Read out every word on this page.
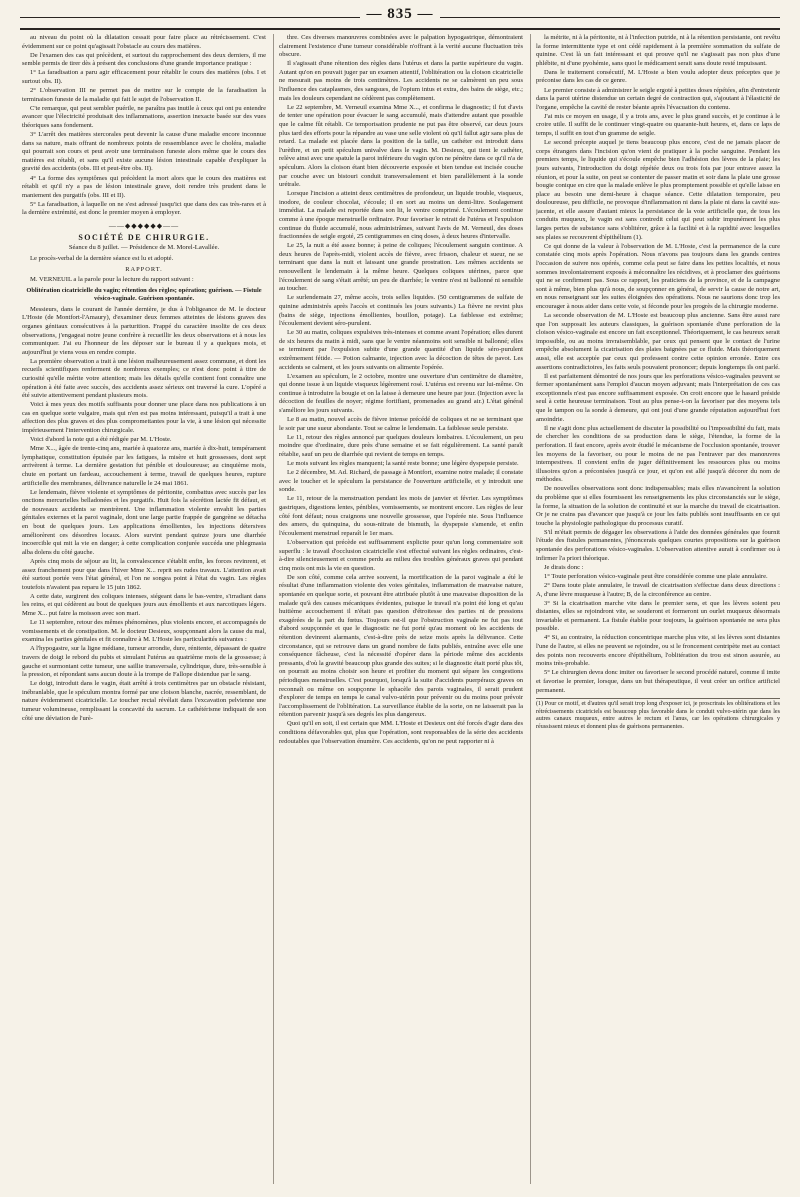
— 835 —

au niveau du point où la dilatation cessait pour faire place au rétrécissement. C'est évidemment sur ce point qu'agissait l'obstacle au cours des matières.

De l'examen des cas qui précèdent, et surtout du rapprochement des deux derniers, il me semble permis de tirer dès à présent des conclusions d'une grande importance pratique :

1° La faradisation a paru agir efficacement pour rétablir le cours des matières (obs. I et surtout obs. II).

2° L'observation III ne permet pas de mettre sur le compte de la faradisation la terminaison funeste de la maladie qui fait le sujet de l'observation II.

C'te remarque, qui peut sembler puérile, ne paraîtra pas inutile à ceux qui ont pu entendre avancer que l'électricité produisait des inflammations, assertion inexacte basée sur des vues théoriques sans fondement.

3° L'arrêt des matières stercorales peut devenir la cause d'une maladie encore inconnue dans sa nature, mais offrant de nombreux points de ressemblance avec le choléra, maladie qui pourrait son cours et peut avoir une terminaison funeste alors même que le cours des matières est rétabli, et sans qu'il existe aucune lésion intestinale capable d'expliquer la gravité des accidents (obs. III et peut-être obs. II).

4° La forme des symptômes qui précèdent la mort alors que le cours des matières est rétabli et qu'il n'y a pas de lésion intestinale grave, doit rendre très prudent dans le maniement des purgatifs (obs. III et II).

5° La faradisation, à laquelle on ne s'est adressé jusqu'ici que dans des cas très-rares et à la dernière extrémité, est donc le premier moyen à employer.

——◆◆◆◆◆◆——
SOCIÉTÉ DE CHIRURGIE.
Séance du 8 juillet. — Présidence de M. Morel-Lavallée.

Le procès-verbal de la dernière séance est lu et adopté.

RAPPORT.
M. VERNEUIL a la parole pour la lecture du rapport suivant :
Oblitération cicatricielle du vagin; rétention des règles; opération; guérison. — Fistule vésico-vaginale. Guérison spontanée.

Messieurs, dans le courant de l'année dernière, je dus à l'obligeance de M. le docteur L'Hoste (de Montfort-l'Amaury), d'examiner deux femmes atteintes de lésions graves des organes génitaux consécutives à la parturition. Frappé du caractère insolite de ces deux observations, j'engageai notre jeune confrère à recueillir les deux observations et à nous les communiquer. J'ai eu l'honneur de les déposer sur le bureau il y a quelques mois, et aujourd'hui je viens vous en rendre compte.

La première observation a trait à une lésion malheureusement assez commune, et dont les recueils scientifiques renferment de nombreux exemples; ce n'est donc point à titre de curiosité qu'elle mérite votre attention; mais les détails qu'elle contient font connaître une opération à été faite avec succès, des accidents assez sérieux ont traversé la cure. L'opéré a été suivie attentivement pendant plusieurs mois.

Voici à mes yeux des motifs suffisants pour donner une place dans nos publications à un cas en quelque sorte vulgaire, mais qui n'en est pas moins intéressant, puisqu'il a trait à une affection des plus graves et des plus compromettantes pour la vie, à une lésion qui nécessite impérieusement l'intervention chirurgicale.

Voici d'abord la note qui a été rédigée par M. L'Hoste.

Mme X..., âgée de trente-cinq ans, mariée à quatorze ans, mariée à dix-huit, tempérament lymphatique, constitution épuisée par les fatigues, la misère et huit grossesses, dont sept arrivèrent à terme. La dernière gestation fut pénible et douloureuse; au cinquième mois, chute en portant un fardeau, accouchement à terme, travail de quelques heures, rupture artificielle des membranes, délivrance naturelle le 24 mai 1861.

Le lendemain, fièvre violente et symptômes de péritonite, combattus avec succès par les onctions mercurielles belladonées et les purgatifs. Huit fois la sécrétion lactée fit défaut, et de nouveaux accidents se montrèrent. Une inflammation violente envahit les parties génitales externes et la paroi vaginale, dont une large partie frappée de gangrène se détacha en bout de quelques jours. Les applications émollientes, les injections détersives améliorèrent ces désordres locaux. Alors survint pendant quinze jours une diarrhée incoercible qui mit la vie en danger; à cette complication conjurée succéda une phlegmasia alba dolens du côté gauche.

Après cinq mois de séjour au lit, la convalescence s'établit enfin, les forces revinrent, et assez franchement pour que dans l'hiver Mme X... reprit ses rudes travaux. L'attention avait été surtout portée vers l'état général, et l'on ne songea point à l'état du vagin. Les règles toutefois n'avaient pas reparu le 15 juin 1862.

A cette date, surgirent des coliques intenses, siégeant dans le bas-ventre, s'irradiant dans les reins, et qui cédèrent au bout de quelques jours aux émollients et aux narcotiques légers. Mme X... put faire la moisson avec son mari.

Le 11 septembre, retour des mêmes phénomènes, plus violents encore, et accompagnés de vomissements et de constipation. M. le docteur Desieux, soupçonnant alors la cause du mal, examina les parties génitales et fit connaître à M. L'Hoste les particularités suivantes :

A l'hypogastre, sur la ligne médiane, tumeur arrondie, dure, rénitente, dépassant de quatre travers de doigt le rebord du pubis et simulant l'utérus au quatrième mois de la grossesse; à gauche et surmontant cette tumeur, une saillie transversale, cylindrique, dure, très-sensible à la pression, et répondant sans aucun doute à la trompe de Fallope distendue par le sang.

Le doigt, introduit dans le vagin, était arrêté à trois centimètres par un obstacle résistant, inébranlable, que le spéculum montra formé par une cloison blanche, nacrée, ressemblant, de nature évidemment cicatricielle. Le toucher rectal révélait dans l'excavation pelvienne une tumeur volumineuse, remplissant la concavité du sacrum. Le cathétérisme indiquait de son côté une déviation de l'urè-

thre. Ces diverses manœuvres combinées avec le palpation hypogastrique, démontraient clairement l'existence d'une tumeur considérable n'offrant à la verité aucune fluctuation très obscure.

Il s'agissait d'une rétention des règles dans l'utérus et dans la partie supérieure du vagin. Autant qu'on en pouvait juger par un examen attentif, l'oblitération ou la cloison cicatricielle ne mesurait pas moins de trois centimètres. Les accidents ne se calmèrent un peu sous l'influence des cataplasmes, des sangsues, de l'opium intus et extra, des bains de siège, etc.; mais les douleurs cependant ne cédèrent pas complètement.

Le 22 septembre, M. Verneuil examina Mme X..., et confirma le diagnostic; il fut d'avis de tenter une opération pour évacuer le sang accumulé, mais d'attendre autant que possible que le calme fût rétabli. Ce temporisation prudente ne put pas être observé, car deux jours plus tard des efforts pour la répandre au vase une selle violent où qu'il fallut agir sans plus de retard. La malade est placée dans la position de la taille, un cathéter est introduit dans l'urèthre, et un petit spéculum univalve dans le vagin. M. Desieux, qui tient le cathéter, relève ainsi avec une spatule la paroi inférieure du vagin qu'on ne pénètre dans ce qu'il n'a de spéculum. Alors la cloison étant bien découverte exposée et bien tendue est incisée couche par couche avec un bistouri conduit transversalement et bien parallèlement à la sonde urétrale.

Lorsque l'incision a atteint deux centimètres de profondeur, un liquide trouble, visqueux, inodore, de couleur chocolat, s'écoule; il en sort au moins un demi-litre. Soulagement immédiat. La malade est reportée dans son lit, le ventre comprimé. L'écoulement continue comme à une époque menstruelle ordinaire. Pour favoriser le retrait de l'utérus et l'expulsion continue du fluide accumulé, nous administrâmes, suivant l'avis de M. Verneuil, des doses fractionnées de seigle ergoté, 25 centigrammes en cinq doses, à deux heures d'intervalle.

Le 25, la nuit a été assez bonne; à peine de coliques; l'écoulement sanguin continue. A deux heures de l'après-midi, violent accès de fièvre, avec frisson, chaleur et sueur, ne se terminant que dans la nuit et laissant une grande prostration. Les mêmes accidents se renouvellent le lendemain à la même heure. Quelques coliques utérines, parce que l'écoulement de sang s'était arrêté; un peu de diarrhée; le ventre n'est ni ballonné ni sensible au toucher.

Le surlendemain 27, même accès, trois selles liquides. (50 centigrammes de sulfate de quinine administrés après l'accès et continués les jours suivants.) La fièvre ne revint plus (bains de siège, injections émollientes, bouillon, potage). La faiblesse est extrême; l'écoulement devient séro-purulent.

Le 30 au matin, coliques expulsives très-intenses et comme avant l'opération; elles durent de six heures du matin à midi, sans que le ventre néanmoins soit sensible ni ballonné; elles se terminent par l'expulsion subite d'une grande quantité d'un liquide séro-purulent extrêmement fétide. — Potion calmante, injection avec la décoction de têtes de pavot. Les accidents se calment, et les jours suivants on alimente l'opérée.

L'examen au spéculum, le 2 octobre, montre une ouverture d'un centimètre de diamètre, qui donne issue à un liquide visqueux légèrement rosé. L'utérus est revenu sur lui-même. On continue à introduire la bougie et on la laisse à demeure une heure par jour. (Injection avec la décoction de feuilles de noyer; régime fortifiant, promenades au grand air.) L'état général s'améliore les jours suivants.

Le 8 au matin, nouvel accès de fièvre intense précédé de coliques et ne se terminant que le soir par une sueur abondante. Tout se calme le lendemain. La faiblesse seule persiste.

Le 11, retour des règles annoncé par quelques douleurs lombaires. L'écoulement, un peu moindre que d'ordinaire, dure près d'une semaine et se fait régulièrement. La santé paraît rétablie, sauf un peu de diarrhée qui revient de temps en temps.

Le mois suivant les règles manquent; la santé reste bonne; une légère dyspepsie persiste.

Le 2 décembre, M. Ad. Richard, de passage à Montfort, examine notre malade; il constate avec le toucher et le spéculum la persistance de l'ouverture artificielle, et y introduit une sonde.

Le 11, retour de la menstruation pendant les mois de janvier et février. Les symptômes gastriques, digestions lentes, pénibles, vomissements, se montrent encore. Les règles de leur côté font défaut; nous craignons une nouvelle grossesse, que l'opérée nie. Sous l'influence des amers, du quinquina, du sous-nitrate de bismuth, la dyspepsie s'amende, et enfin l'écoulement menstruel reparaît le 1er mars.

L'observation qui précède est suffisamment explicite pour qu'un long commentaire soit superflu : le travail d'occlusion cicatricielle s'est effectué suivant les règles ordinaires, c'est-à-dire silencieusement et comme perdu au milieu des troubles généraux graves qui pendant cinq mois ont mis la vie en question.

De son côté, comme cela arrive souvent, la mortification de la paroi vaginale a été le résultat d'une inflammation violente des voies génitales, inflammation de mauvaise nature, spontanée en quelque sorte, et pouvant être attribuée plutôt à une mauvaise disposition de la malade qu'à des causes mécaniques évidentes, puisque le travail n'a point été long et qu'au huitième accouchement il n'était pas question d'étroitesse des parties ni de pressions exagérées de la part du fœtus. Toujours est-il que l'obstruction vaginale ne fut pas tout d'abord soupçonnée et que le diagnostic ne fut porté qu'au moment où les accidents de rétention devinrent alarmants, c'est-à-dire près de seize mois après la délivrance. Cette circonstance, qui se retrouve dans un grand nombre de faits publiés, entraîne avec elle une conséquence fâcheuse, c'est la nécessité d'opérer dans la période même des accidents pressants, d'où la gravité beaucoup plus grande des suites; si le diagnostic était porté plus tôt, on pourrait au moins choisir son heure et profiter du moment qui sépare les congestions périodiques menstruelles. C'est pourquoi, lorsqu'à la suite d'accidents puerpéraux graves on reconnaît ou même on soupçonne le sphacèle des parois vaginales, il serait prudent d'explorer de temps en temps le canal vulvo-utérin pour prévenir ou du moins pour prévoir l'accomplissement de l'oblitération. La surveillance établie de la sorte, on ne laisserait pas la rétention parvenir jusqu'à ses degrés les plus dangereux.

Quoi qu'il en soit, il est certain que MM. L'Hoste et Desieux ont été forcés d'agir dans des conditions défavorables qui, plus que l'opération, sont responsables de la série des accidents redoutables que l'observation énumère. Ces accidents, qu'on ne peut rapporter ni à

la métrite, ni à la péritonite, ni à l'infection putride, ni à la rétention persistante, ont revêtu la forme intermittente type et ont cédé rapidement à la première sommation du sulfate de quinine. C'est là un fait intéressant et qui prouve qu'il ne s'agissait pas non plus d'une phlébite, ni d'une pyohémie, sans quoi le médicament serait sans doute resté impuissant.

Dans le traitement consécutif, M. L'Hoste a bien voulu adopter deux préceptes que je préconise dans les cas de ce genre.

Le premier consiste à administrer le seigle ergoté à petites doses répétées, afin d'entretenir dans la paroi utérine distendue un certain degré de contraction qui, s'ajoutant à l'élasticité de l'organe, empêche la cavité de rester béante après l'évacuation du contenu.

J'ai mis ce moyen en usage, il y a trois ans, avec le plus grand succès, et je continue à le croire utile. Il suffit de le continuer vingt-quatre ou quarante-huit heures, et, dans ce laps de temps, il suffit en tout d'un gramme de seigle.

Le second précepte auquel je tiens beaucoup plus encore, c'est de ne jamais placer de corps étrangers dans l'incision qu'on vient de pratiquer à la poche sanguine. Pendant les premiers temps, le liquide qui s'écoule empêche bien l'adhésion des lèvres de la plaie; les jours suivants, l'introduction du doigt répétée deux ou trois fois par jour entrave assez la réunion, et pour la suite, on peut se contenter de passer matin et soir dans la plaie une grosse bougie conique en cire que la malade enlève le plus promptement possible et qu'elle laisse en place au besoin une demi-heure à chaque séance. Cette dilatation temporaire, peu douloureuse, peu difficile, ne provoque d'inflammation ni dans la plaie ni dans la cavité sus-jacente, et elle assure d'autant mieux la persistance de la voie artificielle que, de tous les conduits muqueux, le vagin est sans contredit celui qui peut subir impunément les plus larges pertes de substance sans s'oblitérer, grâce à la facilité et à la rapidité avec lesquelles ses plaies se recouvrent d'épithélium (1).

Ce qui donne de la valeur à l'observation de M. L'Hoste, c'est la permanence de la cure constatée cinq mois après l'opération. Nous n'avons pas toujours dans les grands centres l'occasion de suivre nos opérés, comme cela peut se faire dans les petites localités, et nous sommes involontairement exposés à méconnaître les récidives, et à proclamer des guérisons qui ne se confirment pas. Sous ce rapport, les praticiens de la province, et de la campagne sont à même, bien plus qu'à nous, de soupçonner en général, de servir la cause de notre art, en nous renseignant sur les suites éloignées des opérations. Nous ne saurions donc trop les encourager à nous aider dans cette voie, si féconde pour les progrès de la chirurgie moderne.

La seconde observation de M. L'Hoste est beaucoup plus ancienne. Sans être aussi rare que l'on supposait les auteurs classiques, la guérison spontanée d'une perforation de la cloison vésico-vaginale est encore un fait exceptionnel. Théoriquement, le cas heureux serait impossible, ou au moins invraisemblable, par ceux qui pensent que le contact de l'urine empêche absolument la cicatrisation des plaies baignées par ce fluide. Mais théoriquement aussi, elle est acceptée par ceux qui professent contre cette opinion erronée. Entre ces assertions contradictoires, les faits seuls pouvaient prononcer; depuis longtemps ils ont parlé.

Il est parfaitement démontré de nos jours que les perforations vésico-vaginales peuvent se fermer spontanément sans l'emploi d'aucun moyen adjuvant; mais l'interprétation de ces cas exceptionnels n'est pas encore suffisamment exposée. On croit encore que le hasard préside seul à cette heureuse terminaison. Tout au plus pense-t-on la favoriser par des moyens tels que le tampon ou la sonde à demeure, qui ont joui d'une grande réputation aujourd'hui fort amoindrie.

Il ne s'agit donc plus actuellement de discuter la possibilité ou l'impossibilité du fait, mais de chercher les conditions de sa production dans le siège, l'étendue, la forme de la perforation. Il faut encore, après avoir étudié le mécanisme de l'occlusion spontanée, trouver les moyens de la favoriser, ou pour le moins de ne pas l'entraver par des manœuvres intempestives. Il convient enfin de juger définitivement les ressources plus ou moins illusoires qu'on a préconisées jusqu'à ce jour, et qu'on est allé jusqu'à décorer du nom de méthodes.

De nouvelles observations sont donc indispensables; mais elles n'avancèrent la solution du problème que si elles fournissent les renseignements les plus circonstanciés sur le siège, la forme, la situation de la solution de continuité et sur la marche du travail de cicatrisation. Or je ne crains pas d'avancer que jusqu'à ce jour les faits publiés sont insuffisants en ce qui touche la physiologie pathologique du processus curatif.

S'il m'était permis de dégager les observations à l'aide des données générales que fournit l'étude des fistules permanentes, j'énoncerais quelques courtes propositions sur la guérison spontanée des perforations vésico-vaginales. L'observation attentive aurait à confirmer ou à infirmer l'a priori théorique.

Je dirais donc :

1° Toute perforation vésico-vaginale peut être considérée comme une plaie annulaire.

2° Dans toute plaie annulaire, le travail de cicatrisation s'effectue dans deux directions : A, d'une lèvre muqueuse à l'autre; B, de la circonférence au centre.

3° Si la cicatrisation marche vite dans le premier sens, et que les lèvres soient peu distantes, elles se rejoindront vite, se souderont et formeront un ourlet muqueux désormais invariable et permanent. La fistule établie pour toujours, la guérison spontanée ne sera plus possible.

4° Si, au contraire, la réduction concentrique marche plus vite, si les lèvres sont distantes l'une de l'autre, si elles ne peuvent se rejoindre, ou si le froncement centripète met au contact des points non recouverts encore d'épithélium, l'oblitération du trou est sinon assurée, au moins très-probable.

5° Le chirurgien devra donc imiter ou favoriser le second procédé naturel, comme il imite et favorise le premier, lorsque, dans un but thérapeutique, il veut créer un orifice artificiel permanent.

(1) Pour ce motif, et d'autres qu'il serait trop long d'exposer ici, je proscrirais les oblitérations et les rétrécissements cicatriciels est beaucoup plus favorable dans le conduit vulvo-utérin que dans les autres canaux muqueux, entre autres le rectum et l'anus, car les opérations chirurgicales y réussissent mieux et donnent plus de guérisons permanentes.
